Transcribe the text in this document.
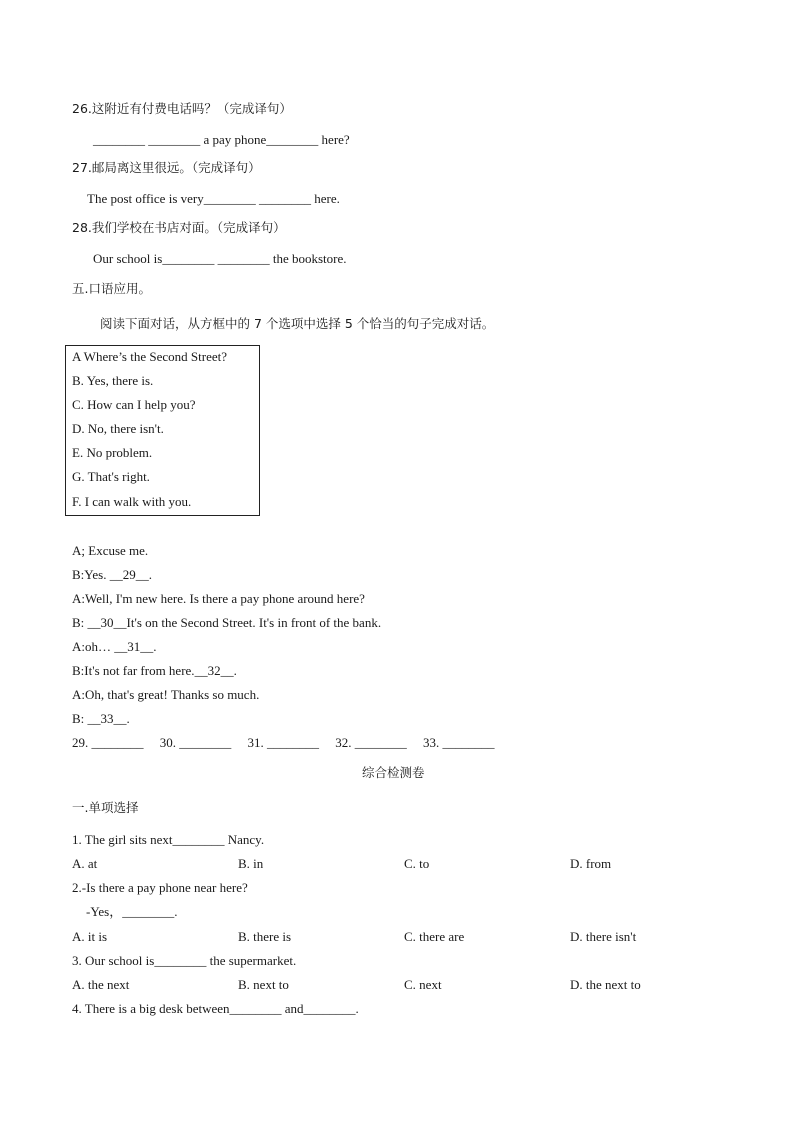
26.这附近有付费电话吗？（完成译句）
________ ________ a pay phone________ here?
27.邮局离这里很远。（完成译句）
The post office is very________ ________ here.
28.我们学校在书店对面。（完成译句）
Our school is________ ________ the bookstore.
五.口语应用。
阅读下面对话，从方框中的 7 个选项中选择 5 个恰当的句子完成对话。
A Where’s the Second Street?
B. Yes, there is.
C. How can I help you?
D. No, there isn't.
E. No problem.
G. That's right.
F. I can walk with you.
A; Excuse me.
B:Yes. __29__.
A:Well, I'm new here. Is there a pay phone around here?
B: __30__It's on the Second Street. It's in front of the bank.
A:oh… __31__.
B:It's not far from here.__32__.
A:Oh, that's great! Thanks so much.
B: __33__.
29. ________     30. ________     31. ________     32. ________     33. ________
综合检测卷
一.单项选择
1. The girl sits next________ Nancy.
A. at	B. in	C. to	D. from
2.-Is there a pay phone near here?
-Yes，________.
A. it is	B. there is	C. there are	D. there isn't
3. Our school is________ the supermarket.
A. the next	B. next to	C. next	D. the next to
4. There is a big desk between________ and________.
